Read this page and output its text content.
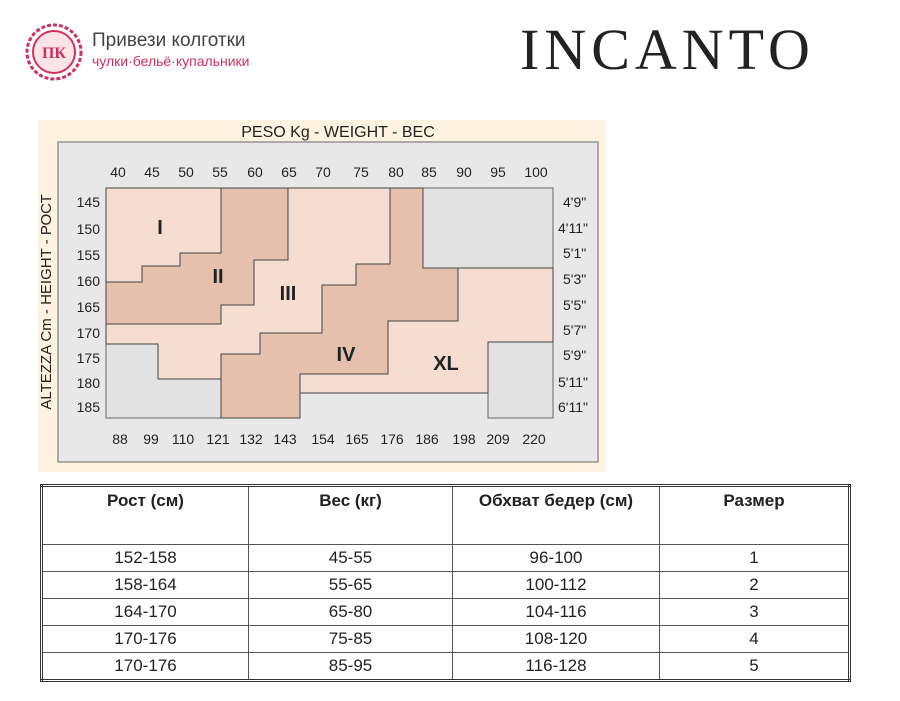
ПК
Привези колготки
чулки·бельё·купальники	INCANTO
PESO Kg - WEIGHT - ВЕС
ALTEZZA Cm - HEIGHT - РОСТ	I
II
III
IV	XL
40 45 50 55 60 65 70 75 80 85 90 95 100
88 99 110 121 132 143 154 165 176 186 198 209 220
145
150
155
160
165
170
175
180
185
4'9"
4'11"
5'1"
5'3"
5'5"
5'7"
5'9"
5'11"
6'11"
Рост (см)	Вес (кг)	Обхват бедер (см)	Размер
152-158	45-55	96-100	1
158-164	55-65	100-112	2
164-170	65-80	104-116	3
170-176	75-85	108-120	4
170-176	85-95	116-128	5
